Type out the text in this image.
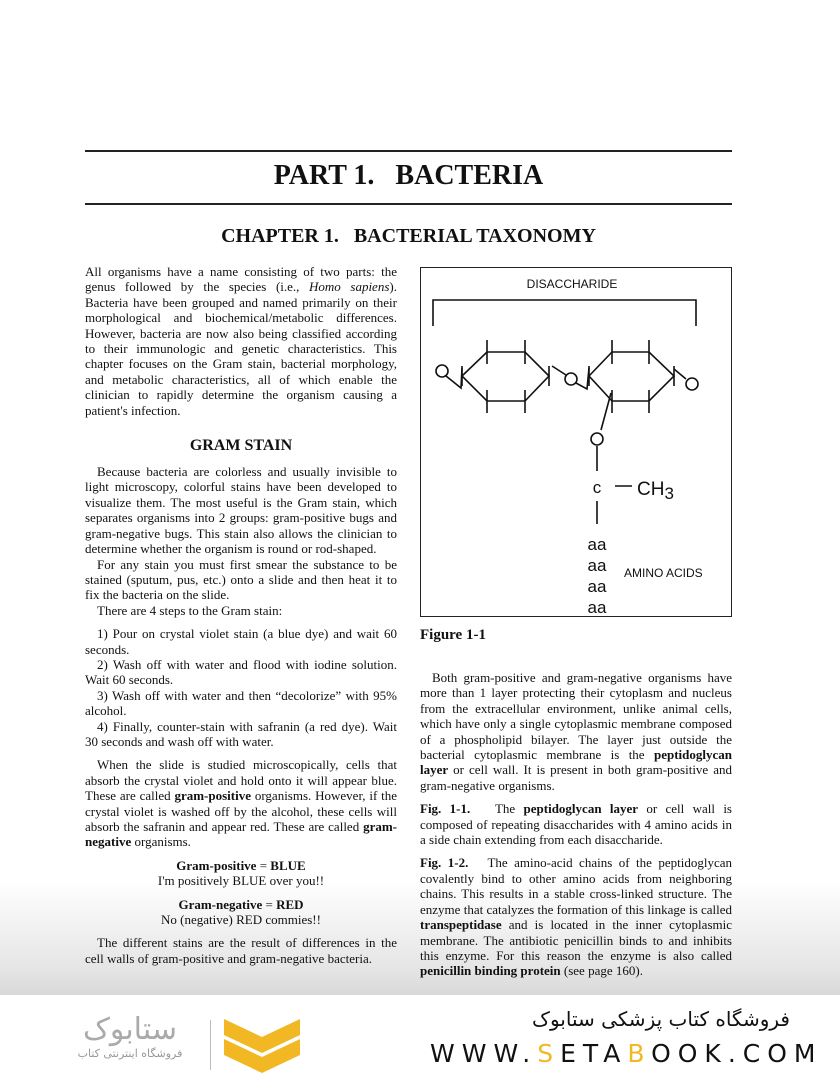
PART 1.   BACTERIA
CHAPTER 1.   BACTERIAL TAXONOMY

All organisms have a name consisting of two parts: the genus followed by the species (i.e., Homo sapiens). Bacteria have been grouped and named primarily on their morphological and biochemical/metabolic differences. However, bacteria are now also being classified according to their immunologic and genetic characteristics. This chapter focuses on the Gram stain, bacterial morphology, and metabolic characteristics, all of which enable the clinician to rapidly determine the organism causing a patient's infection.

GRAM STAIN

Because bacteria are colorless and usually invisible to light microscopy, colorful stains have been developed to visualize them. The most useful is the Gram stain, which separates organisms into 2 groups: gram-positive bugs and gram-negative bugs. This stain also allows the clinician to determine whether the organism is round or rod-shaped.

For any stain you must first smear the substance to be stained (sputum, pus, etc.) onto a slide and then heat it to fix the bacteria on the slide.

There are 4 steps to the Gram stain:

1) Pour on crystal violet stain (a blue dye) and wait 60 seconds.

2) Wash off with water and flood with iodine solution. Wait 60 seconds.

3) Wash off with water and then “decolorize” with 95% alcohol.

4) Finally, counter-stain with safranin (a red dye). Wait 30 seconds and wash off with water.

When the slide is studied microscopically, cells that absorb the crystal violet and hold onto it will appear blue. These are called gram-positive organisms. However, if the crystal violet is washed off by the alcohol, these cells will absorb the safranin and appear red. These are called gram-negative organisms.

Gram-positive = BLUE
I'm positively BLUE over you!!

Gram-negative = RED
No (negative) RED commies!!

The different stains are the result of differences in the cell walls of gram-positive and gram-negative bacteria.

DISACCHARIDE
c CH3
aa
aa
aa
aa
AMINO ACIDS
Figure 1-1

Both gram-positive and gram-negative organisms have more than 1 layer protecting their cytoplasm and nucleus from the extracellular environment, unlike animal cells, which have only a single cytoplasmic membrane composed of a phospholipid bilayer. The layer just outside the bacterial cytoplasmic membrane is the peptidoglycan layer or cell wall. It is present in both gram-positive and gram-negative organisms.

Fig. 1-1. The peptidoglycan layer or cell wall is composed of repeating disaccharides with 4 amino acids in a side chain extending from each disaccharide.

Fig. 1-2. The amino-acid chains of the peptidoglycan covalently bind to other amino acids from neighboring chains. This results in a stable cross-linked structure. The enzyme that catalyzes the formation of this linkage is called transpeptidase and is located in the inner cytoplasmic membrane. The antibiotic penicillin binds to and inhibits this enzyme. For this reason the enzyme is also called penicillin binding protein (see page 160).

ستابوک
فروشگاه اینترنتی کتاب
فروشگاه کتاب پزشکی ستابوک
WWW.SETABOOK.COM
